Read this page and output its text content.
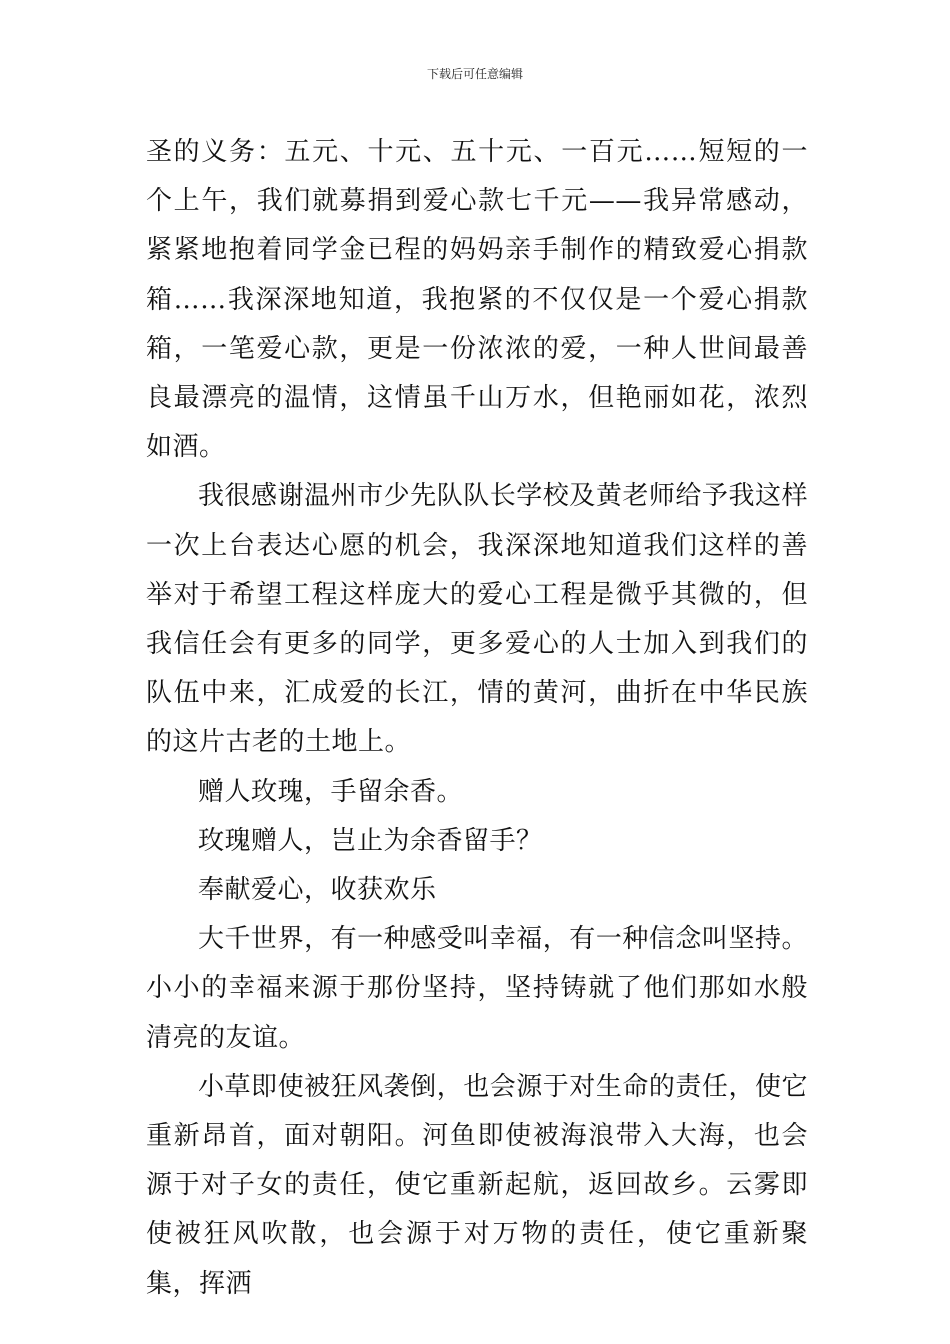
下载后可任意编辑

圣的义务：五元、十元、五十元、一百元……短短的一个上午，我们就募捐到爱心款七千元——我异常感动，紧紧地抱着同学金已程的妈妈亲手制作的精致爱心捐款箱……我深深地知道，我抱紧的不仅仅是一个爱心捐款箱，一笔爱心款，更是一份浓浓的爱，一种人世间最善良最漂亮的温情，这情虽千山万水，但艳丽如花，浓烈如酒。

我很感谢温州市少先队队长学校及黄老师给予我这样一次上台表达心愿的机会，我深深地知道我们这样的善举对于希望工程这样庞大的爱心工程是微乎其微的，但我信任会有更多的同学，更多爱心的人士加入到我们的队伍中来，汇成爱的长江，情的黄河，曲折在中华民族的这片古老的土地上。

赠人玫瑰，手留余香。

玫瑰赠人，岂止为余香留手？

奉献爱心，收获欢乐

大千世界，有一种感受叫幸福，有一种信念叫坚持。小小的幸福来源于那份坚持，坚持铸就了他们那如水般清亮的友谊。

小草即使被狂风袭倒，也会源于对生命的责任，使它重新昂首，面对朝阳。河鱼即使被海浪带入大海，也会源于对子女的责任，使它重新起航，返回故乡。云雾即使被狂风吹散，也会源于对万物的责任，使它重新聚集，挥洒
